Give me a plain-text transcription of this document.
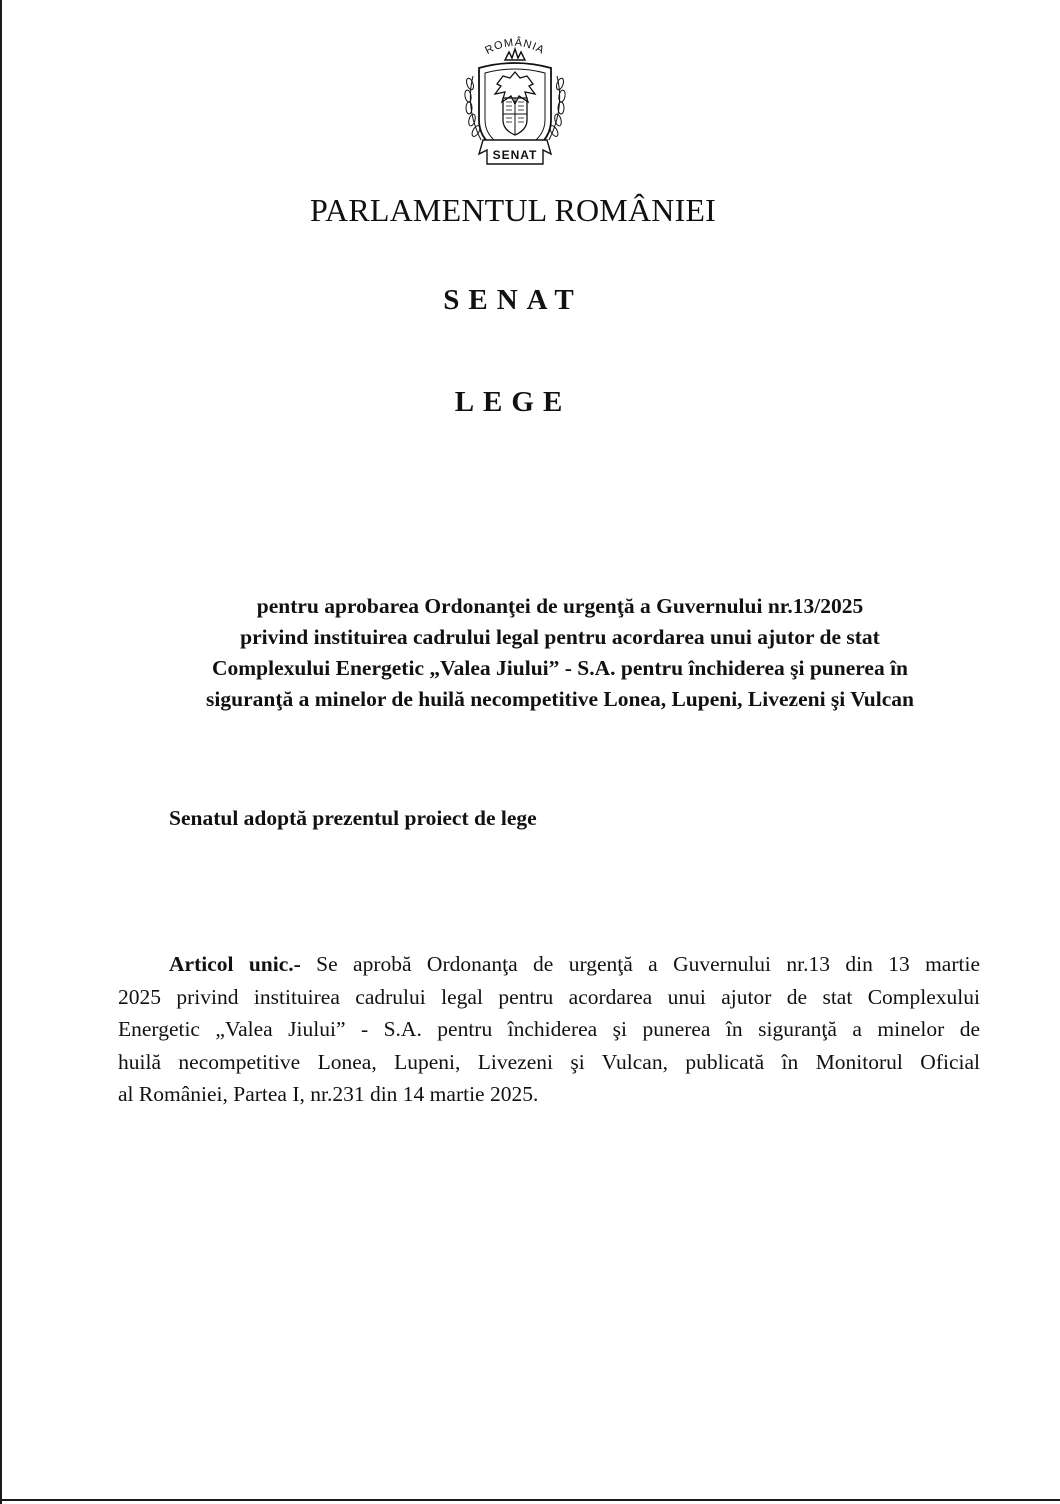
ROMÂNIA
SENAT
PARLAMENTUL ROMÂNIEI
SENAT
LEGE
pentru aprobarea Ordonanţei de urgenţă a Guvernului nr.13/2025
privind instituirea cadrului legal pentru acordarea unui ajutor de stat
Complexului Energetic „Valea Jiului” - S.A. pentru închiderea şi punerea în
siguranţă a minelor de huilă necompetitive Lonea, Lupeni, Livezeni şi Vulcan
Senatul adoptă prezentul proiect de lege
Articol unic.- Se aprobă Ordonanţa de urgenţă a Guvernului nr.13 din 13 martie
2025 privind instituirea cadrului legal pentru acordarea unui ajutor de stat Complexului
Energetic „Valea Jiului” - S.A. pentru închiderea şi punerea în siguranţă a minelor de
huilă necompetitive Lonea, Lupeni, Livezeni şi Vulcan, publicată în Monitorul Oficial
al României, Partea I, nr.231 din 14 martie 2025.
